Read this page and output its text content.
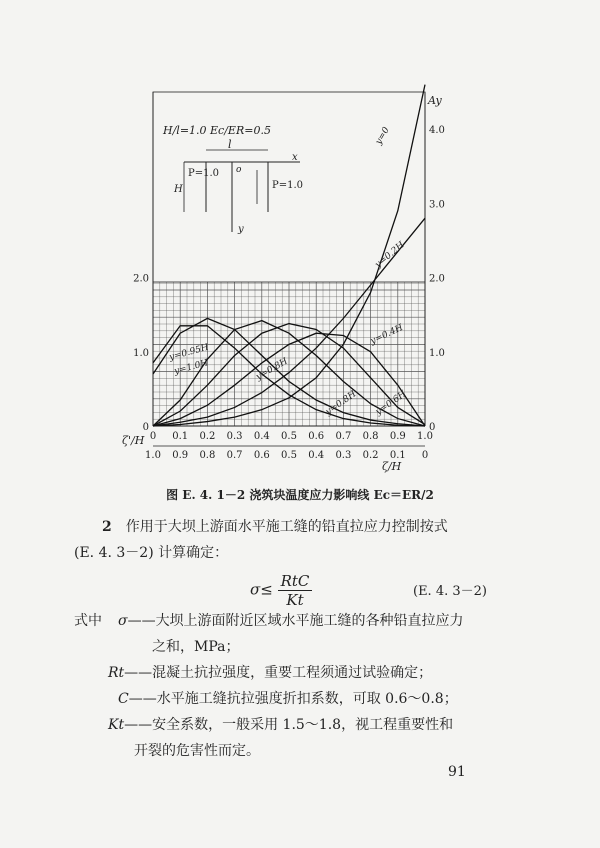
0 0.1 0.2 0.3 0.4 0.5 0.6 0.7 0.8 0.9 1.0
1.0 0.9 0.8 0.7 0.6 0.5 0.4 0.3 0.2 0.1 0
0
1.0
2.0
0
1.0
2.0
3.0
4.0
H/l=1.0 Ec/ER=0.5
l
x
y
H
o
P=1.0
P=1.0
Ay
ζ'/H
ζ/H
y=0
y=0.2H
y=0.4H
y=0.6H
y=0.8H
y=0.8H
y=0.95H
y=1.0H
图 E. 4. 1－2 浇筑块温度应力影响线 Ec＝ER/2
2　 作用于大坝上游面水平施工缝的铅直拉应力控制按式
(E. 4. 3－2) 计算确定：
$\sigma\le \frac{\text{RtC}}{Kt}$	(E. 4. 3－2)
式中 σ——大坝上游面附近区域水平施工缝的各种铅直拉应力
之和，MPa；
Rt——混凝土抗拉强度，重要工程须通过试验确定；
C——水平施工缝抗拉强度折扣系数，可取 0.6～0.8；
Kt——安全系数，一般采用 1.5～1.8，视工程重要性和
开裂的危害性而定。
91
